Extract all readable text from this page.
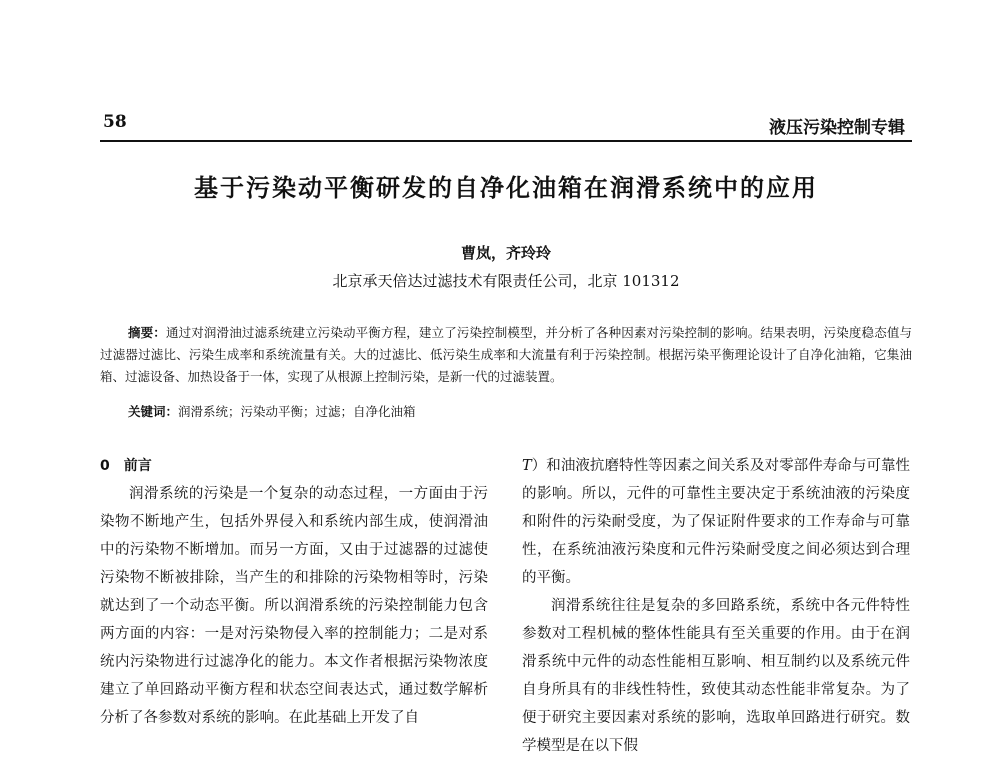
58	液压污染控制专辑
基于污染动平衡研发的自净化油箱在润滑系统中的应用
曹岚，齐玲玲
北京承天倍达过滤技术有限责任公司，北京 101312
摘要：通过对润滑油过滤系统建立污染动平衡方程，建立了污染控制模型，并分析了各种因素对污染控制的影响。结果表明，污染度稳态值与过滤器过滤比、污染生成率和系统流量有关。大的过滤比、低污染生成率和大流量有利于污染控制。根据污染平衡理论设计了自净化油箱，它集油箱、过滤设备、加热设备于一体，实现了从根源上控制污染，是新一代的过滤装置。
关键词：润滑系统；污染动平衡；过滤；自净化油箱

0　前言

润滑系统的污染是一个复杂的动态过程，一方面由于污染物不断地产生，包括外界侵入和系统内部生成，使润滑油中的污染物不断增加。而另一方面，又由于过滤器的过滤使污染物不断被排除，当产生的和排除的污染物相等时，污染就达到了一个动态平衡。所以润滑系统的污染控制能力包含两方面的内容：一是对污染物侵入率的控制能力；二是对系统内污染物进行过滤净化的能力。本文作者根据污染物浓度建立了单回路动平衡方程和状态空间表达式，通过数学解析分析了各参数对系统的影响。在此基础上开发了自

T）和油液抗磨特性等因素之间关系及对零部件寿命与可靠性的影响。所以，元件的可靠性主要决定于系统油液的污染度和附件的污染耐受度，为了保证附件要求的工作寿命与可靠性，在系统油液污染度和元件污染耐受度之间必须达到合理的平衡。

润滑系统往往是复杂的多回路系统，系统中各元件特性参数对工程机械的整体性能具有至关重要的作用。由于在润滑系统中元件的动态性能相互影响、相互制约以及系统元件自身所具有的非线性特性，致使其动态性能非常复杂。为了便于研究主要因素对系统的影响，选取单回路进行研究。数学模型是在以下假
